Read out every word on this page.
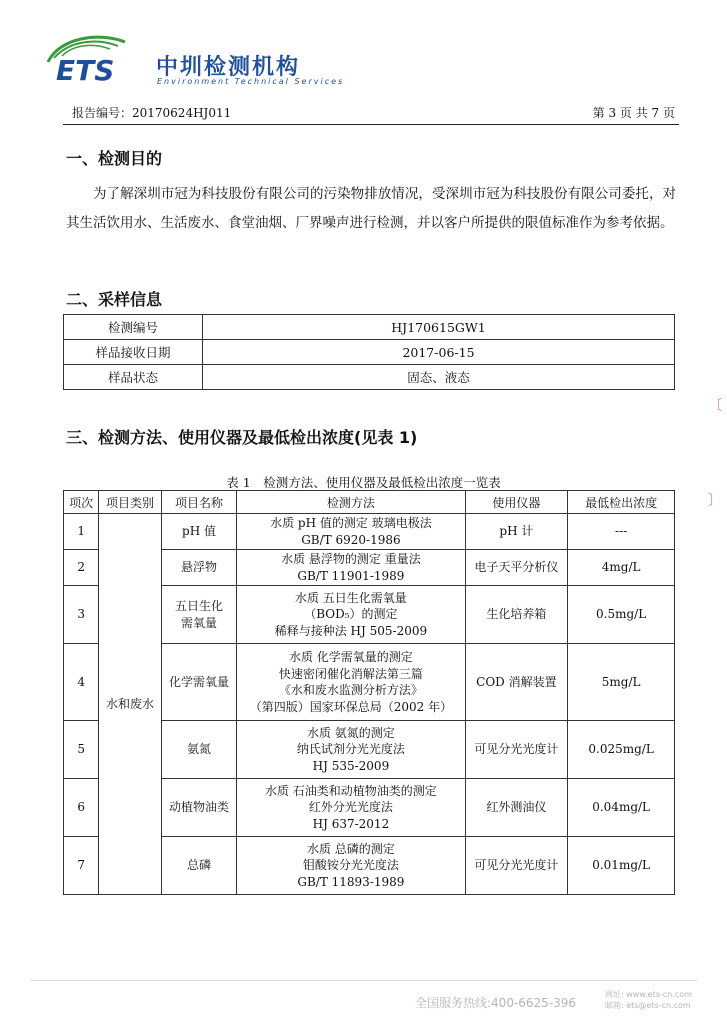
ETS 中圳检测机构
Environment Technical Services
报告编号：20170624HJ011	第 3 页 共 7 页
一、检测目的
为了解深圳市冠为科技股份有限公司的污染物排放情况，受深圳市冠为科技股份有限公司委托，对其生活饮用水、生活废水、食堂油烟、厂界噪声进行检测，并以客户所提供的限值标准作为参考依据。
二、采样信息
检测编号	HJ170615GW1
样品接收日期	2017-06-15
样品状态	固态、液态
三、检测方法、使用仪器及最低检出浓度(见表 1)
表 1　检测方法、使用仪器及最低检出浓度一览表
项次	项目类别	项目名称	检测方法	使用仪器	最低检出浓度
1	水和废水	pH 值	水质 pH 值的测定 玻璃电极法
GB/T 6920-1986	pH 计	---
2		悬浮物	水质 悬浮物的测定 重量法
GB/T 11901-1989	电子天平分析仪	4mg/L
3		五日生化
需氧量	水质 五日生化需氧量
（BOD₅）的测定
稀释与接种法 HJ 505-2009	生化培养箱	0.5mg/L
4		化学需氧量	水质 化学需氧量的测定
快速密闭催化消解法第三篇
《水和废水监测分析方法》
（第四版）国家环保总局（2002 年）	COD 消解装置	5mg/L
5		氨氮	水质 氨氮的测定
纳氏试剂分光光度法
HJ 535-2009	可见分光光度计	0.025mg/L
6		动植物油类	水质 石油类和动植物油类的测定
红外分光光度法
HJ 637-2012	红外测油仪	0.04mg/L
7		总磷	水质 总磷的测定
钼酸铵分光光度法
GB/T 11893-1989	可见分光光度计	0.01mg/L
〔
〕
全国服务热线:400-6625-396
网址: www.ets-cn.com
邮箱: ets@ets-cn.com
